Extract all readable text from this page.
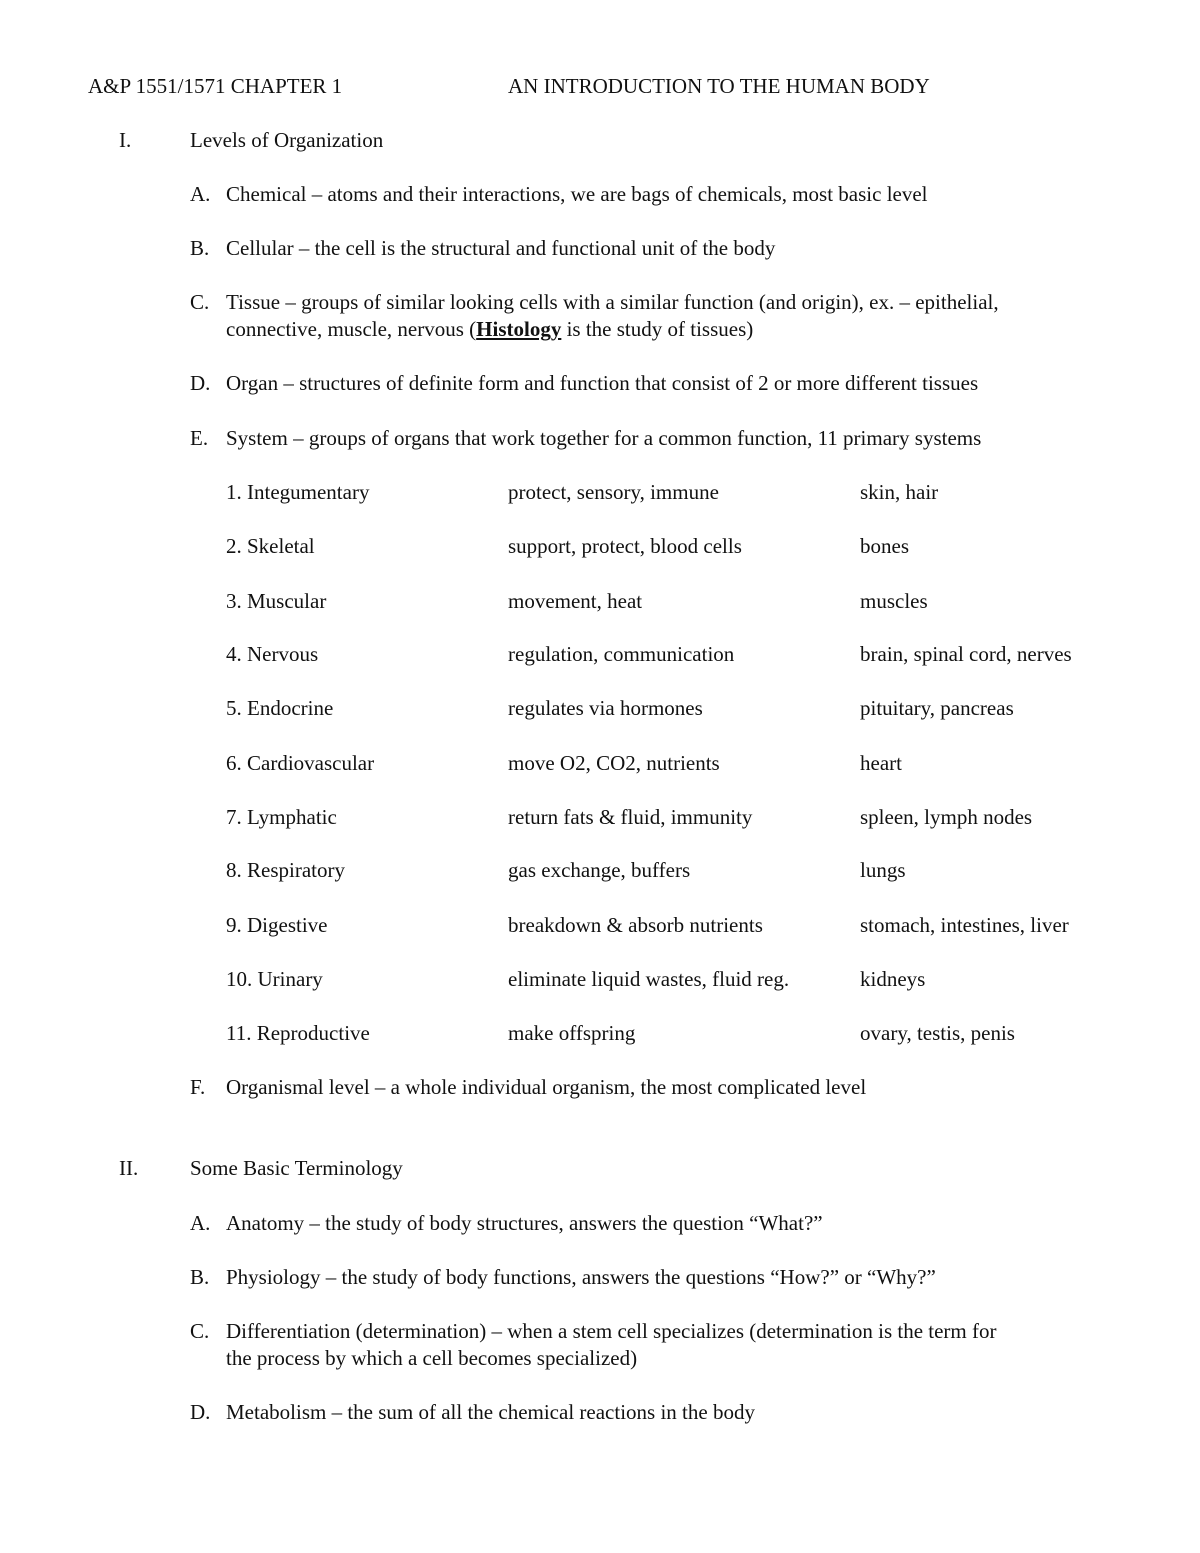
A&P 1551/1571 CHAPTER 1	AN INTRODUCTION TO THE HUMAN BODY
I.	Levels of Organization
A. Chemical – atoms and their interactions, we are bags of chemicals, most basic level
B. Cellular – the cell is the structural and functional unit of the body
C. Tissue – groups of similar looking cells with a similar function (and origin), ex. – epithelial,
connective, muscle, nervous (Histology is the study of tissues)
D. Organ – structures of definite form and function that consist of 2 or more different tissues
E. System – groups of organs that work together for a common function, 11 primary systems
1. Integumentary	protect, sensory, immune	skin, hair
2. Skeletal	support, protect, blood cells	bones
3. Muscular	movement, heat	muscles
4. Nervous	regulation, communication	brain, spinal cord, nerves
5. Endocrine	regulates via hormones	pituitary, pancreas
6. Cardiovascular	move O2, CO2, nutrients	heart
7. Lymphatic	return fats & fluid, immunity	spleen, lymph nodes
8. Respiratory	gas exchange, buffers	lungs
9. Digestive	breakdown & absorb nutrients	stomach, intestines, liver
10. Urinary	eliminate liquid wastes, fluid reg.	kidneys
11. Reproductive	make offspring	ovary, testis, penis
F. Organismal level – a whole individual organism, the most complicated level
II. Some Basic Terminology
A. Anatomy – the study of body structures, answers the question “What?”
B. Physiology – the study of body functions, answers the questions “How?” or “Why?”
C. Differentiation (determination) – when a stem cell specializes (determination is the term for
the process by which a cell becomes specialized)
D. Metabolism – the sum of all the chemical reactions in the body
